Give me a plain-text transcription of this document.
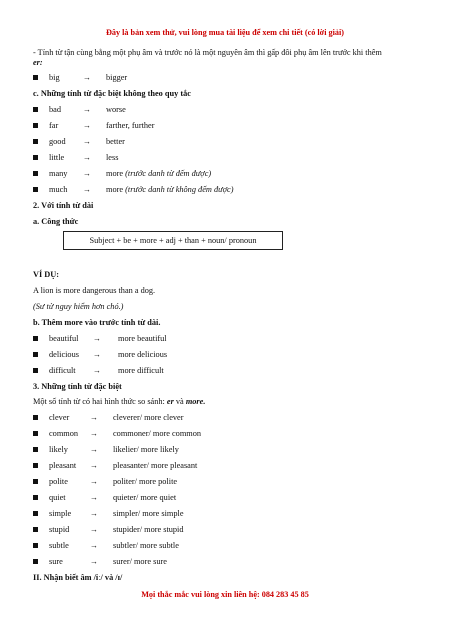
Đây là bản xem thử, vui lòng mua tài liệu để xem chi tiết (có lời giải)

- Tính từ tận cùng bằng một phụ âm và trước nó là một nguyên âm thì gấp đôi phụ âm lên trước khi thêm
er:

big	→ bigger

c. Những tính từ đặc biệt không theo quy tắc

bad	→ worse
far	→ farther, further
good → better
little → less
many → more (trước danh từ đếm được)
much → more (trước danh từ không đếm được)

2. Với tính từ dài

a. Công thức

Subject + be + more + adj + than + noun/ pronoun

VÍ DỤ:

A lion is more dangerous than a dog.

(Sư tử nguy hiểm hơn chó.)

b. Thêm more vào trước tính từ dài.

beautiful → more beautiful
delicious → more delicious
difficult → more difficult

3. Những tính từ đặc biệt

Một số tính từ có hai hình thức so sánh: er và more.

clever	→ cleverer/ more clever
common → commoner/ more common
likely	→ likelier/ more likely
pleasant → pleasanter/ more pleasant
polite	→ politer/ more polite
quiet	→ quieter/ more quiet
simple → simpler/ more simple
stupid	→ stupider/ more stupid
subtle	→ subtler/ more subtle
sure	→ surer/ more sure

II. Nhận biết âm /iː/ và /ɪ/

Mọi thắc mắc vui lòng xin liên hệ: 084 283 45 85
